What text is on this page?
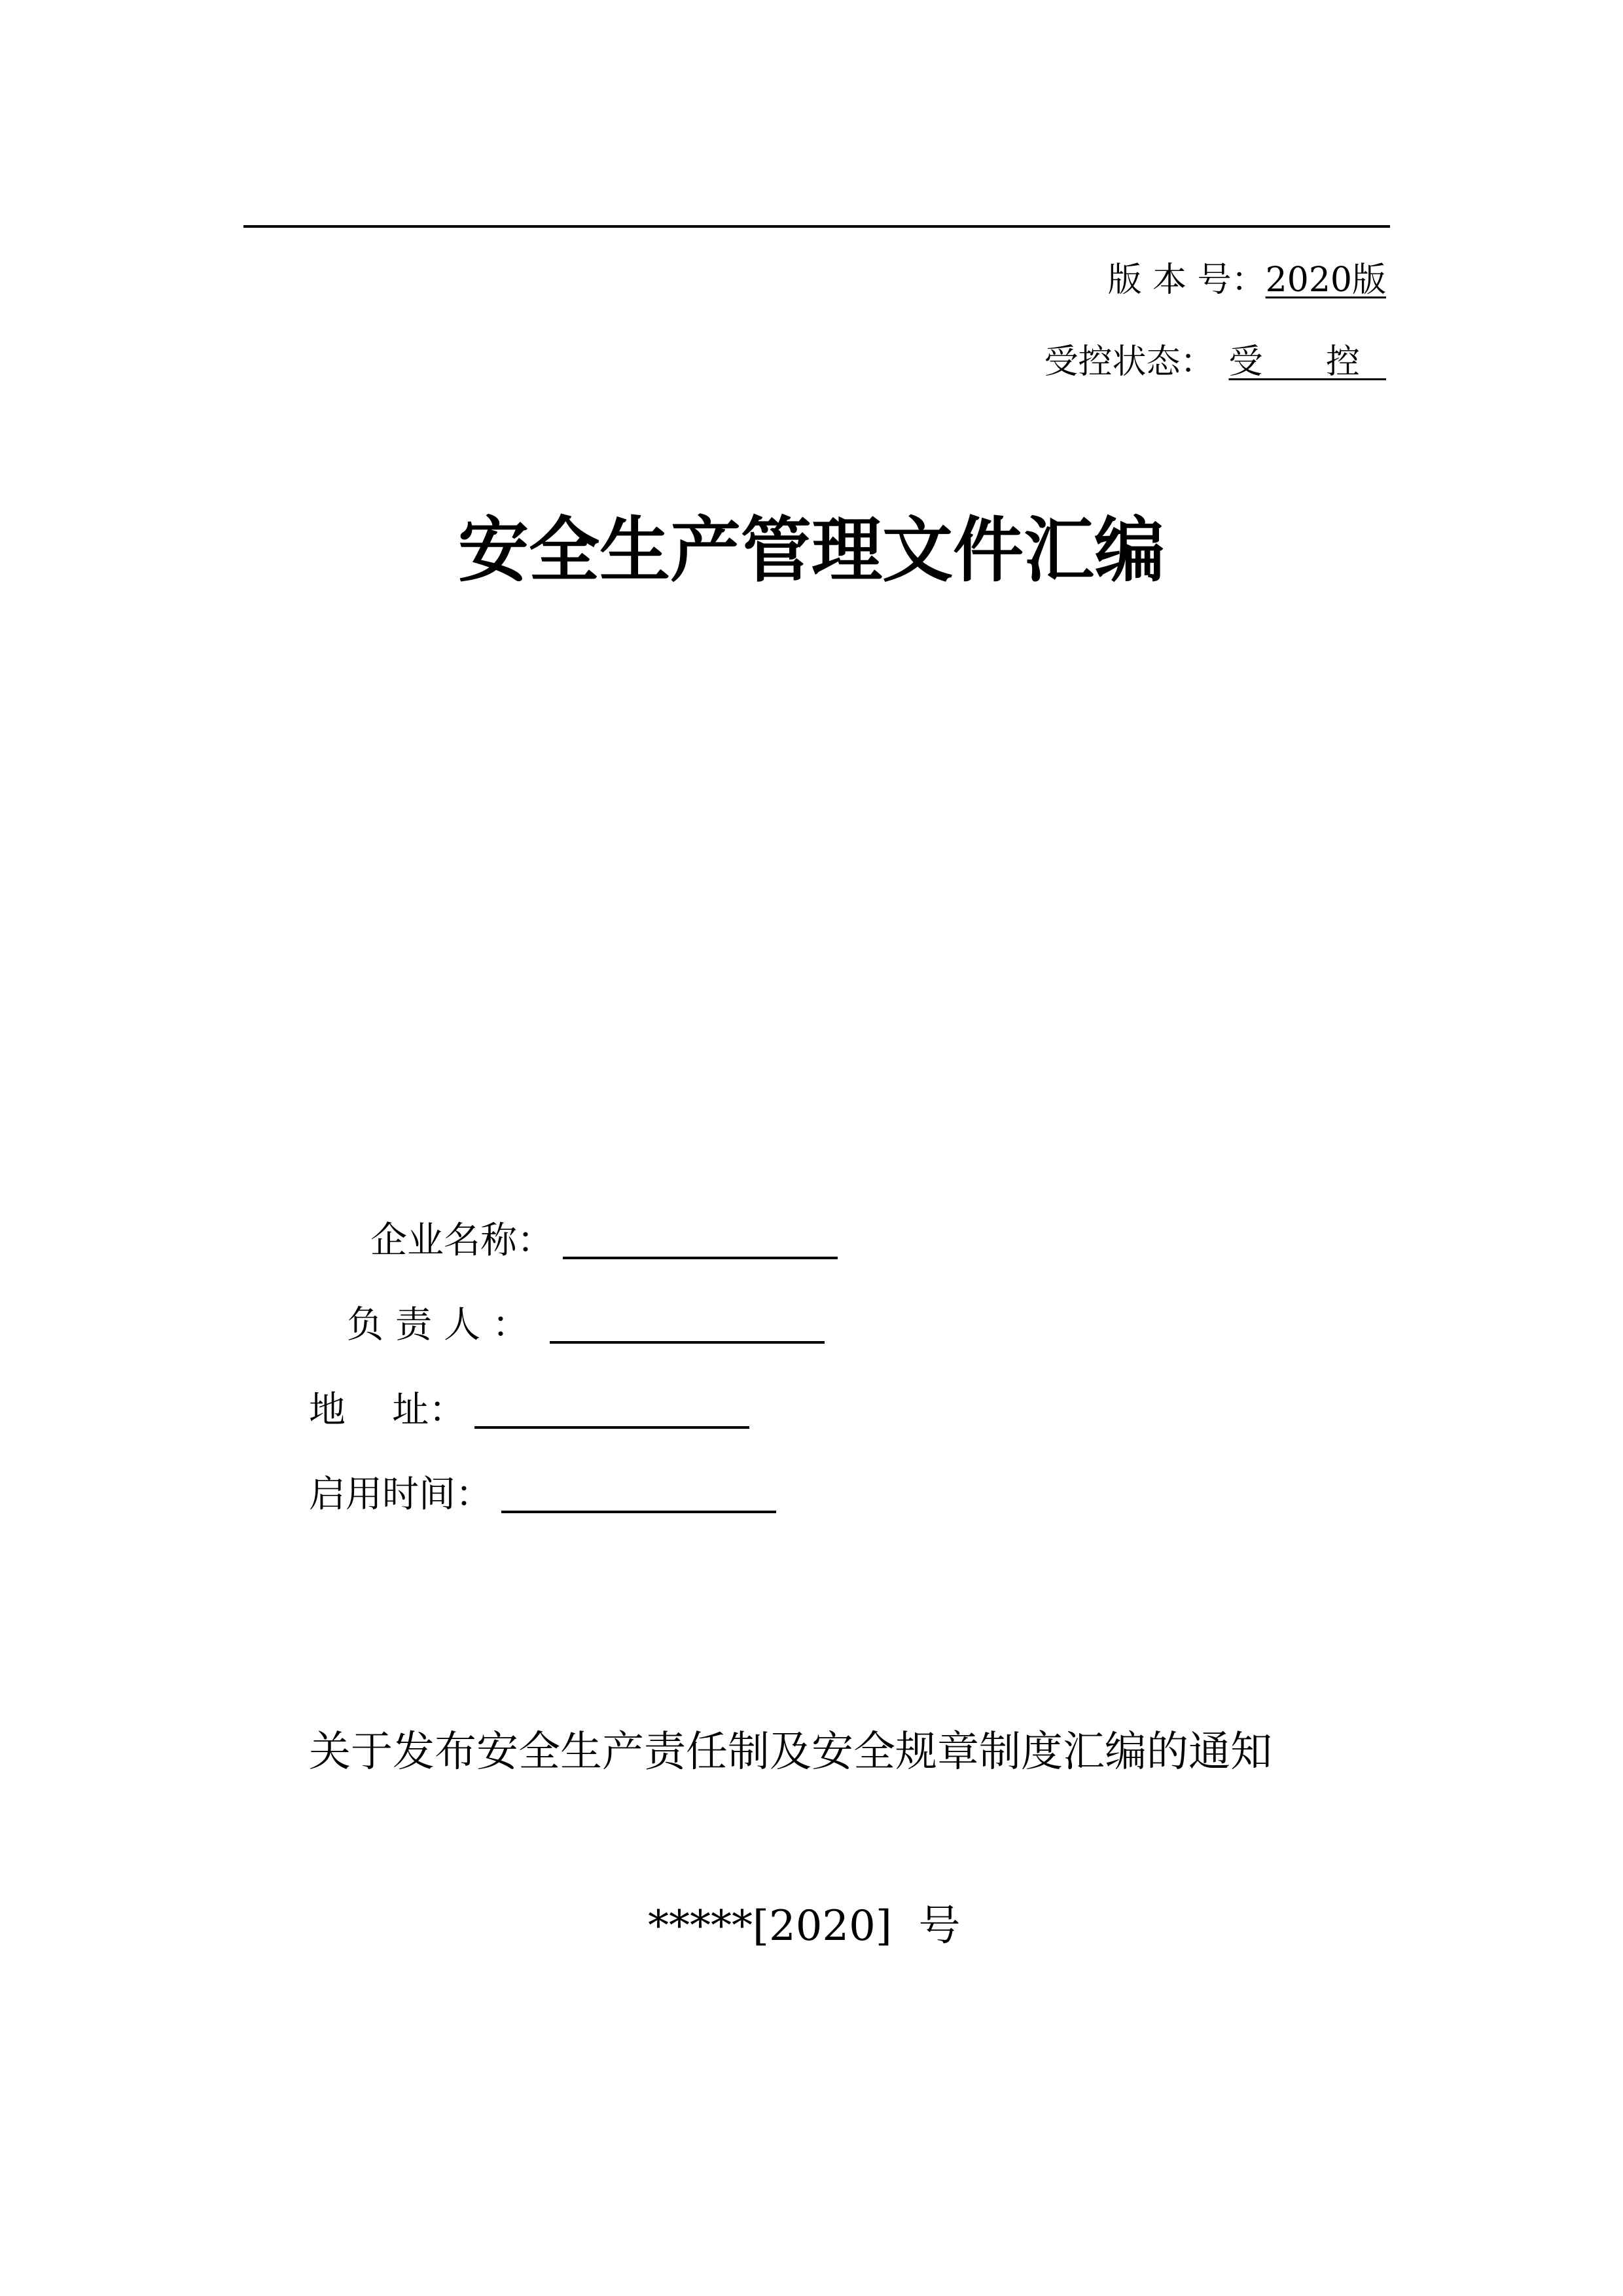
版 本 号：2020版
受控状态： 受 控
安全生产管理文件汇编
企业名称：
负责人：
地    址：
启用时间：
关于发布安全生产责任制及安全规章制度汇编的通知
*****[2020]  号
